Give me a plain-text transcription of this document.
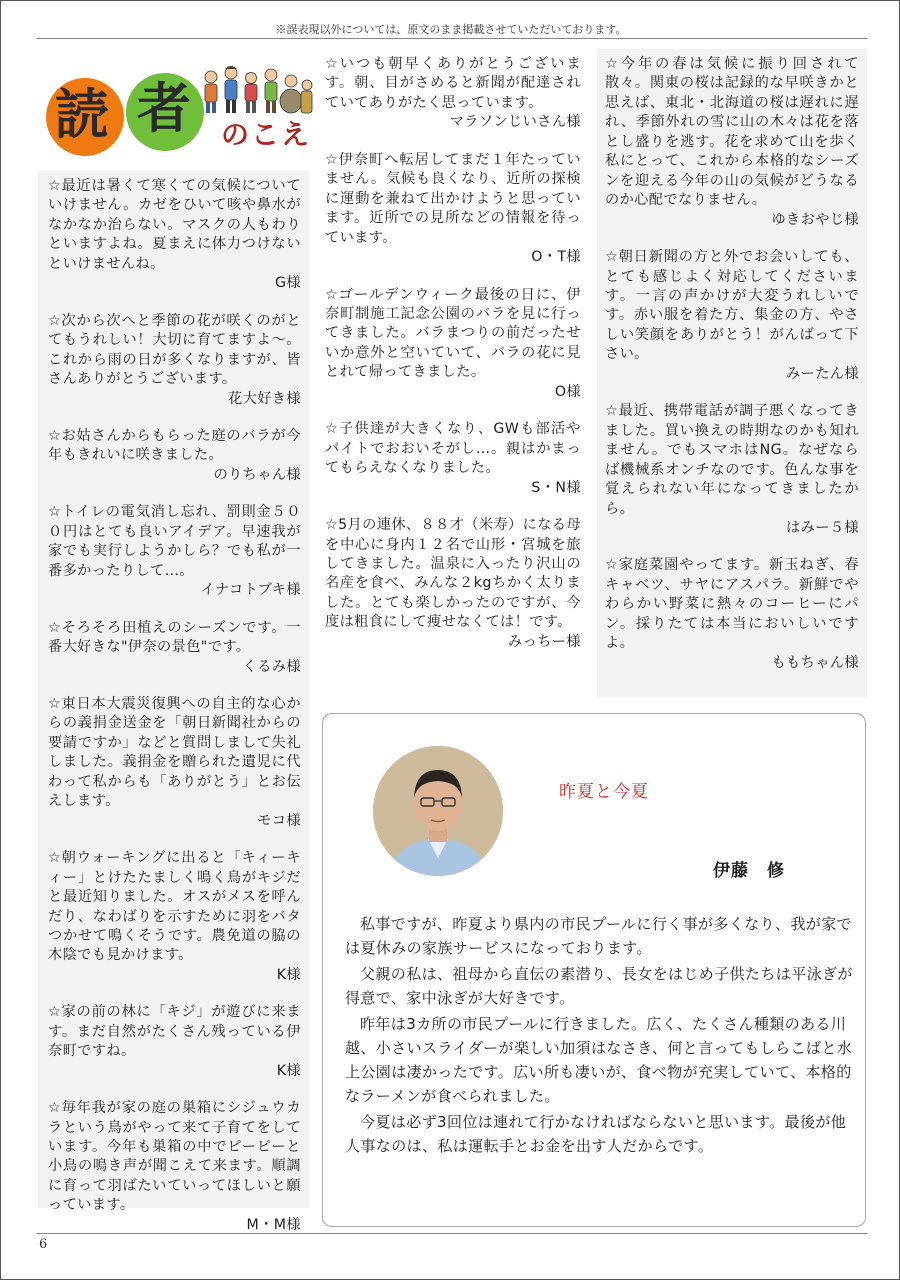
※誤表現以外については、原文のまま掲載させていただいております。
読 者 のこえ
☆最近は暑くて寒くての気候についていけません。カゼをひいて咳や鼻水がなかなか治らない。マスクの人もわりといますよね。夏まえに体力つけないといけませんね。
G様
☆次から次へと季節の花が咲くのがとてもうれしい！大切に育てますよ〜。これから雨の日が多くなりますが、皆さんありがとうございます。
花大好き様
☆お姑さんからもらった庭のバラが今年もきれいに咲きました。
のりちゃん様
☆トイレの電気消し忘れ、罰則金５００円はとても良いアイデア。早速我が家でも実行しようかしら？でも私が一番多かったりして…。
イナコトブキ様
☆そろそろ田植えのシーズンです。一番大好きな"伊奈の景色"です。
くるみ様
☆東日本大震災復興への自主的な心からの義捐金送金を「朝日新聞社からの要請ですか」などと質問しまして失礼しました。義捐金を贈られた遺児に代わって私からも「ありがとう」とお伝えします。
モコ様
☆朝ウォーキングに出ると「キィーキィー」とけたたましく鳴く鳥がキジだと最近知りました。オスがメスを呼んだり、なわばりを示すために羽をバタつかせて鳴くそうです。農免道の脇の木陰でも見かけます。
K様
☆家の前の林に「キジ」が遊びに来ます。まだ自然がたくさん残っている伊奈町ですね。
K様
☆毎年我が家の庭の巣箱にシジュウカラという鳥がやって来て子育てをしています。今年も巣箱の中でピーピーと小鳥の鳴き声が聞こえて来ます。順調に育って羽ばたいていってほしいと願っています。
M・M様
☆いつも朝早くありがとうございます。朝、目がさめると新聞が配達されていてありがたく思っています。
マラソンじいさん様
☆伊奈町へ転居してまだ１年たっていません。気候も良くなり、近所の探検に運動を兼ねて出かけようと思っています。近所での見所などの情報を待っています。
O・T様
☆ゴールデンウィーク最後の日に、伊奈町制施工記念公園のバラを見に行ってきました。バラまつりの前だったせいか意外と空いていて、バラの花に見とれて帰ってきました。
O様
☆子供達が大きくなり、GWも部活やバイトでおおいそがし…。親はかまってもらえなくなりました。
S・N様
☆5月の連休、８８才（米寿）になる母を中心に身内１２名で山形・宮城を旅してきました。温泉に入ったり沢山の名産を食べ、みんな２kgちかく太りました。とても楽しかったのですが、今度は粗食にして痩せなくては！です。
みっちー様
☆今年の春は気候に振り回されて散々。関東の桜は記録的な早咲きかと思えば、東北・北海道の桜は遅れに遅れ、季節外れの雪に山の木々は花を落とし盛りを逃す。花を求めて山を歩く私にとって、これから本格的なシーズンを迎える今年の山の気候がどうなるのか心配でなりません。
ゆきおやじ様
☆朝日新聞の方と外でお会いしても、とても感じよく対応してくださいます。一言の声かけが大変うれしいです。赤い服を着た方、集金の方、やさしい笑顔をありがとう！がんばって下さい。
みーたん様
☆最近、携帯電話が調子悪くなってきました。買い換えの時期なのかも知れません。でもスマホはNG。なぜならば機械系オンチなのです。色んな事を覚えられない年になってきましたから。
はみー５様
☆家庭菜園やってます。新玉ねぎ、春キャベツ、サヤにアスパラ。新鮮でやわらかい野菜に熱々のコーヒーにパン。採りたては本当においしいですよ。
ももちゃん様
昨夏と今夏
伊藤　修

私事ですが、昨夏より県内の市民プールに行く事が多くなり、我が家では夏休みの家族サービスになっております。

父親の私は、祖母から直伝の素潜り、長女をはじめ子供たちは平泳ぎが得意で、家中泳ぎが大好きです。

昨年は3カ所の市民プールに行きました。広く、たくさん種類のある川越、小さいスライダーが楽しい加須はなさき、何と言ってもしらこばと水上公園は凄かったです。広い所も凄いが、食べ物が充実していて、本格的なラーメンが食べられました。

今夏は必ず3回位は連れて行かなければならないと思います。最後が他人事なのは、私は運転手とお金を出す人だからです。

6
